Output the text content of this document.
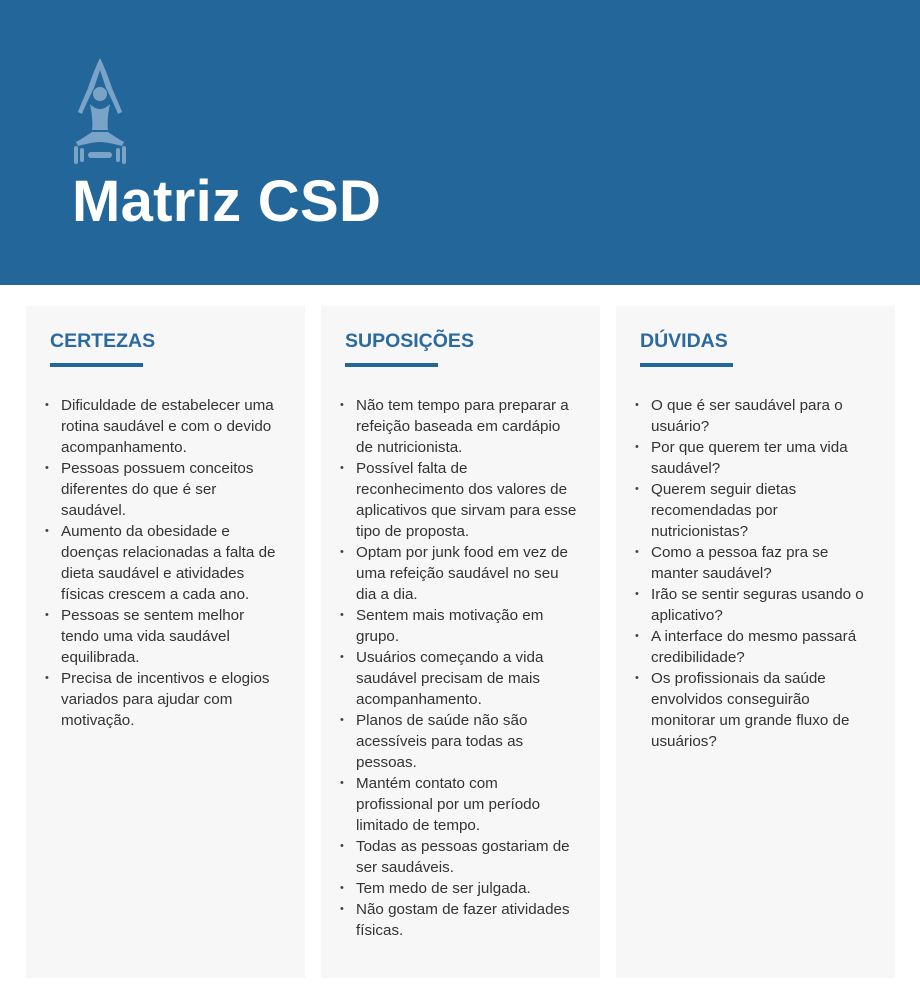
Matriz CSD
CERTEZAS
• Dificuldade de estabelecer uma rotina saudável e com o devido acompanhamento.
• Pessoas possuem conceitos diferentes do que é ser saudável.
• Aumento da obesidade e doenças relacionadas a falta de dieta saudável e atividades físicas crescem a cada ano.
• Pessoas se sentem melhor tendo uma vida saudável equilibrada.
• Precisa de incentivos e elogios variados para ajudar com motivação.
SUPOSIÇÕES
• Não tem tempo para preparar a refeição baseada em cardápio de nutricionista.
• Possível falta de reconhecimento dos valores de aplicativos que sirvam para esse tipo de proposta.
• Optam por junk food em vez de uma refeição saudável no seu dia a dia.
• Sentem mais motivação em grupo.
• Usuários começando a vida saudável precisam de mais acompanhamento.
• Planos de saúde não são acessíveis para todas as pessoas.
• Mantém contato com profissional por um período limitado de tempo.
• Todas as pessoas gostariam de ser saudáveis.
• Tem medo de ser julgada.
• Não gostam de fazer atividades físicas.
DÚVIDAS
• O que é ser saudável para o usuário?
• Por que querem ter uma vida saudável?
• Querem seguir dietas recomendadas por nutricionistas?
• Como a pessoa faz pra se manter saudável?
• Irão se sentir seguras usando o aplicativo?
• A interface do mesmo passará credibilidade?
• Os profissionais da saúde envolvidos conseguirão monitorar um grande fluxo de usuários?
